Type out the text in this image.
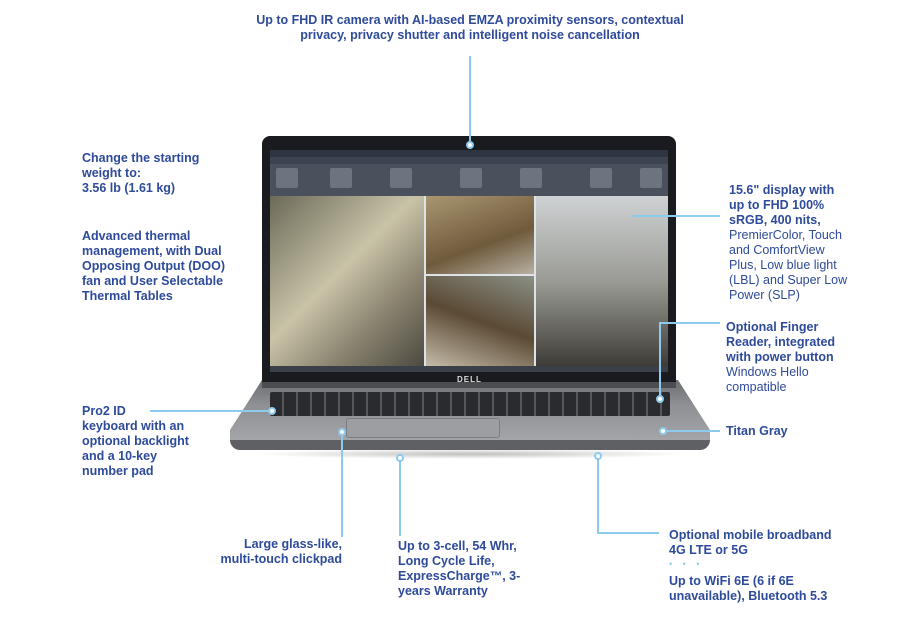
DELL
Up to FHD IR camera with AI-based EMZA proximity sensors, contextual
privacy, privacy shutter and intelligent noise cancellation
Change the starting weight to:
3.56 lb (1.61 kg)
Advanced thermal management, with Dual Opposing Output (DOO) fan and User Selectable Thermal Tables
Pro2 ID
keyboard with an optional backlight and a 10-key number pad
Large glass-like,
multi-touch clickpad
Up to 3-cell, 54 Whr, Long Cycle Life, ExpressCharge™, 3-years Warranty
15.6" display with up to FHD 100% sRGB, 400 nits,
PremierColor, Touch and ComfortView Plus, Low blue light (LBL) and Super Low Power (SLP)
Optional Finger Reader, integrated with power button
Windows Hello compatible
Titan Gray
Optional mobile broadband 4G LTE or 5G
• • •
Up to WiFi 6E (6 if 6E unavailable), Bluetooth 5.3
